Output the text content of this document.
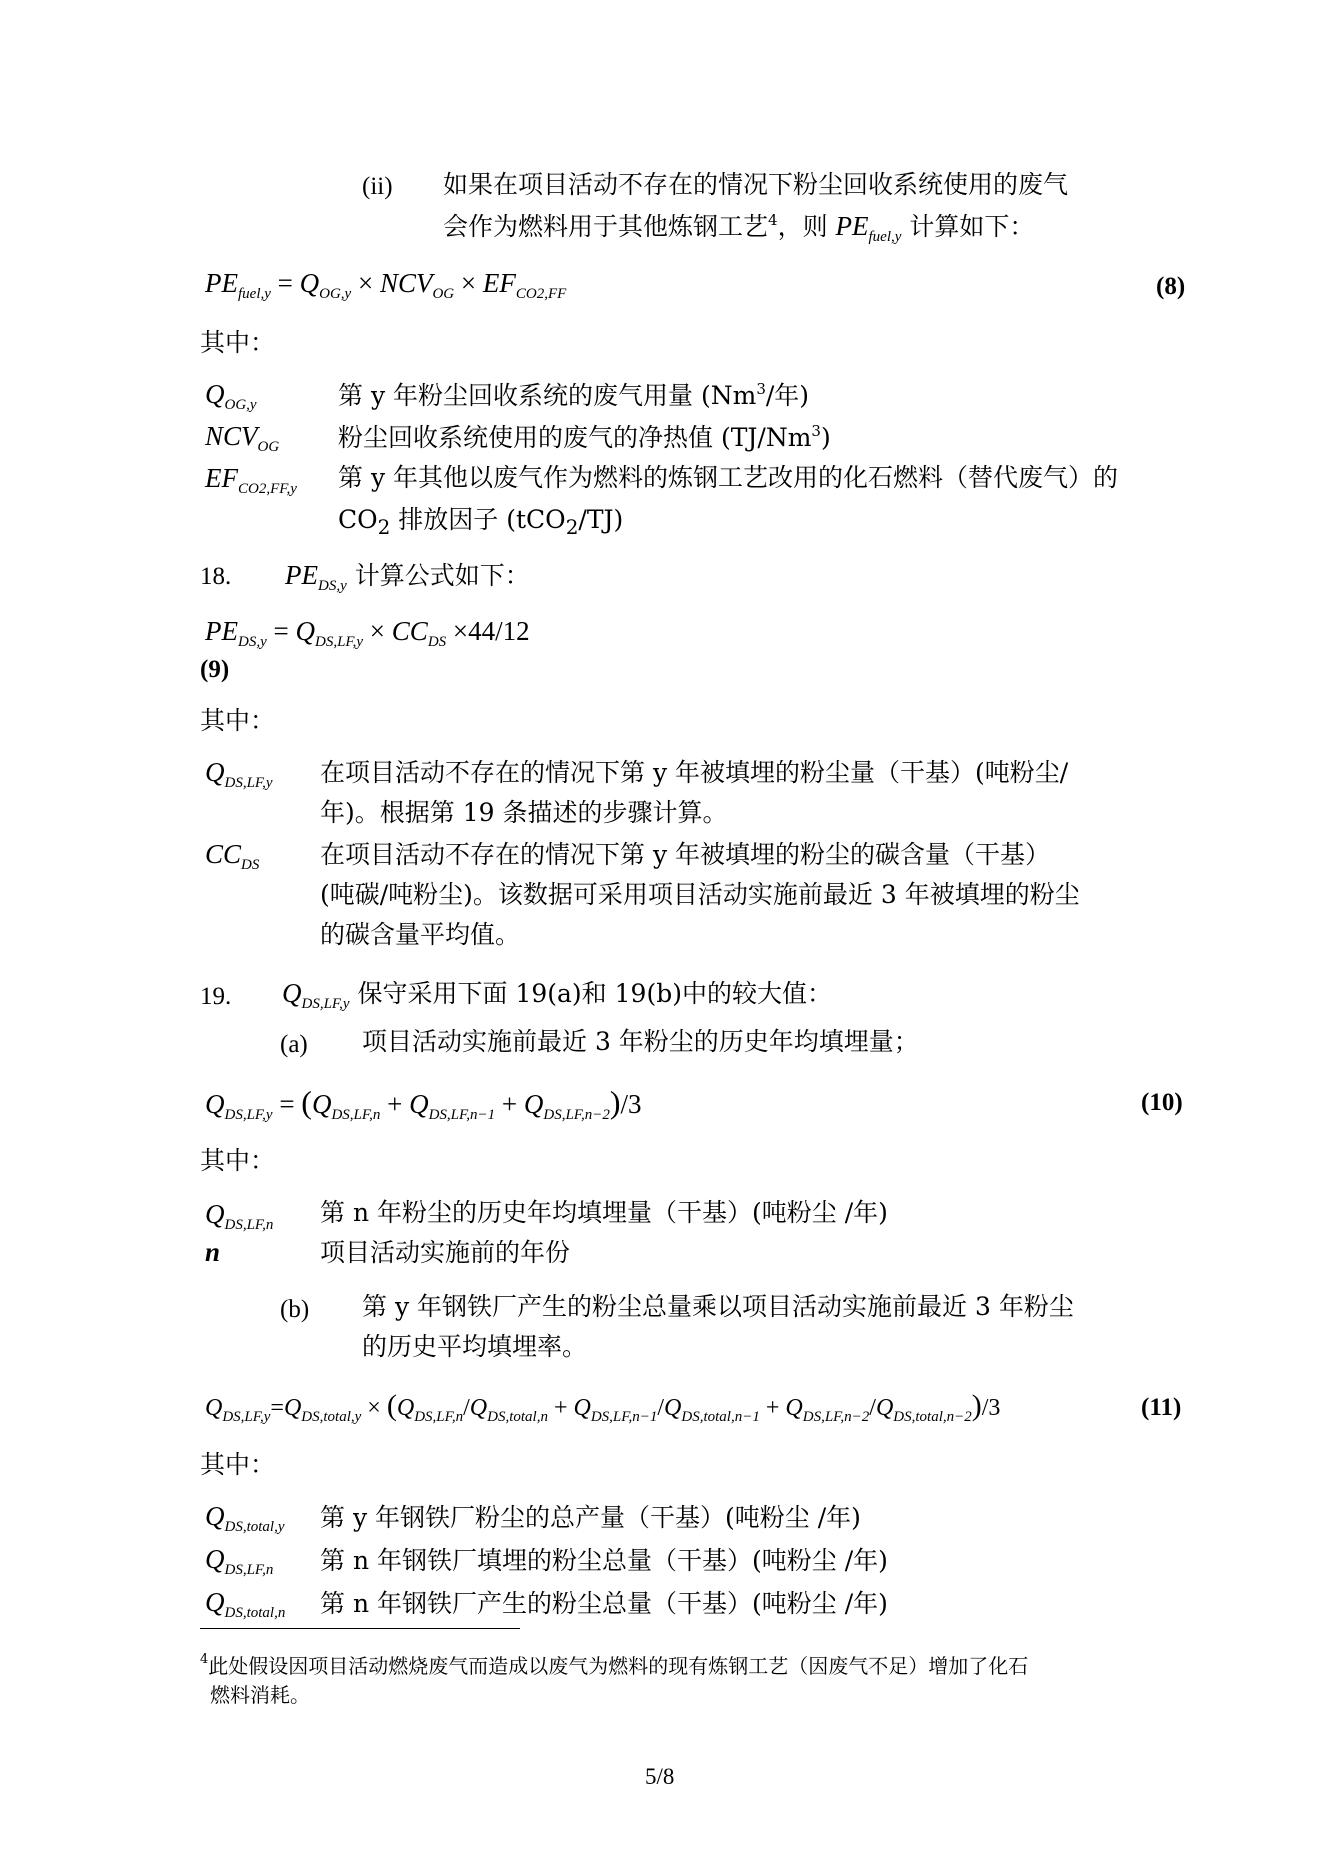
(ii) 如果在项目活动不存在的情况下粉尘回收系统使用的废气
会作为燃料用于其他炼钢工艺$^4$，则 $PE_{fuel,y}$ 计算如下：
$PE_{fuel,y} = Q_{OG,y} \times NCV_{OG} \times EF_{CO2,FF}$	(8)
其中：
$Q_{OG,y}$	第 y 年粉尘回收系统的废气用量 (Nm$^3$/年)
$NCV_{OG}$ 粉尘回收系统使用的废气的净热值 (TJ/Nm$^3$)
$EF_{CO2,FF,y}$ 第 y 年其他以废气作为燃料的炼钢工艺改用的化石燃料（替代废气）的
$CO_2$ 排放因子 (tCO$_2$/TJ)
18. $PE_{DS,y}$ 计算公式如下：
$PE_{DS,y} = Q_{DS,LF,y} \times CC_{DS} \times 44/12$
(9)
其中：
$Q_{DS,LF,y}$ 在项目活动不存在的情况下第 y 年被填埋的粉尘量（干基）(吨粉尘/
年)。根据第 19 条描述的步骤计算。
$CC_{DS}$ 在项目活动不存在的情况下第 y 年被填埋的粉尘的碳含量（干基）
(吨碳/吨粉尘)。该数据可采用项目活动实施前最近 3 年被填埋的粉尘
的碳含量平均值。
19. $Q_{DS,LF,y}$ 保守采用下面 19(a)和 19(b)中的较大值：
(a) 项目活动实施前最近 3 年粉尘的历史年均填埋量；
$Q_{DS,LF,y} = (Q_{DS,LF,n} + Q_{DS,LF,n-1} + Q_{DS,LF,n-2})/3$	(10)
其中：
$Q_{DS,LF,n}$ 第 n 年粉尘的历史年均填埋量（干基）(吨粉尘 /年)
n	项目活动实施前的年份
(b) 第 y 年钢铁厂产生的粉尘总量乘以项目活动实施前最近 3 年粉尘
的历史平均填埋率。
$Q_{DS,LF,y}=Q_{DS,total,y} \times (Q_{DS,LF,n}/Q_{DS,total,n} + Q_{DS,LF,n-1}/Q_{DS,total,n-1} + Q_{DS,LF,n-2}/Q_{DS,total,n-2})/3$	(11)
其中：
$Q_{DS,total,y}$ 第 y 年钢铁厂粉尘的总产量（干基）(吨粉尘 /年)
$Q_{DS,LF,n}$ 第 n 年钢铁厂填埋的粉尘总量（干基）(吨粉尘 /年)
$Q_{DS,total,n}$ 第 n 年钢铁厂产生的粉尘总量（干基）(吨粉尘 /年)
$^4$此处假设因项目活动燃烧废气而造成以废气为燃料的现有炼钢工艺（因废气不足）增加了化石
燃料消耗。
5/8
